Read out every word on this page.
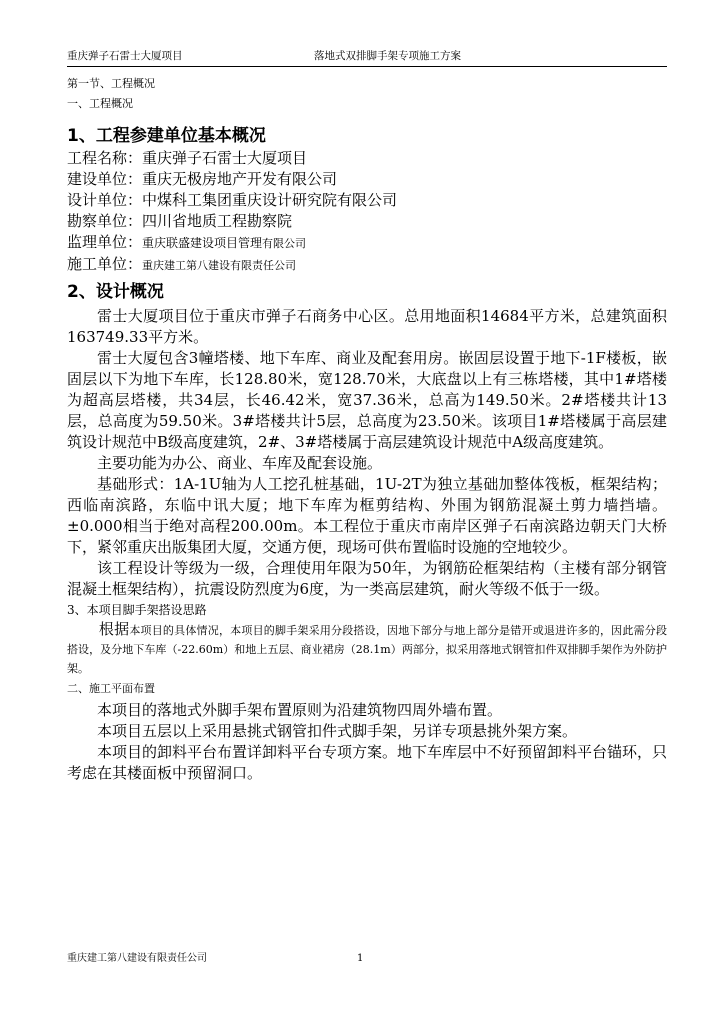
重庆弹子石雷士大厦项目	落地式双排脚手架专项施工方案
第一节、工程概况
一、工程概况
1、工程参建单位基本概况
工程名称：重庆弹子石雷士大厦项目
建设单位：重庆无极房地产开发有限公司
设计单位：中煤科工集团重庆设计研究院有限公司
勘察单位：四川省地质工程勘察院
监理单位：重庆联盛建设项目管理有限公司
施工单位：重庆建工第八建设有限责任公司
2、设计概况

雷士大厦项目位于重庆市弹子石商务中心区。总用地面积14684平方米，总建筑面积163749.33平方米。

雷士大厦包含3幢塔楼、地下车库、商业及配套用房。嵌固层设置于地下-1F楼板，嵌固层以下为地下车库，长128.80米，宽128.70米，大底盘以上有三栋塔楼，其中1#塔楼为超高层塔楼，共34层，长46.42米，宽37.36米，总高为149.50米。2#塔楼共计13层，总高度为59.50米。3#塔楼共计5层，总高度为23.50米。该项目1#塔楼属于高层建筑设计规范中B级高度建筑，2#、3#塔楼属于高层建筑设计规范中A级高度建筑。

主要功能为办公、商业、车库及配套设施。

基础形式：1A-1U轴为人工挖孔桩基础，1U-2T为独立基础加整体筏板，框架结构；西临南滨路，东临中讯大厦；地下车库为框剪结构、外围为钢筋混凝土剪力墙挡墙。±0.000相当于绝对高程200.00m。本工程位于重庆市南岸区弹子石南滨路边朝天门大桥下，紧邻重庆出版集团大厦，交通方便，现场可供布置临时设施的空地较少。

该工程设计等级为一级，合理使用年限为50年，为钢筋砼框架结构（主楼有部分钢管混凝土框架结构），抗震设防烈度为6度，为一类高层建筑，耐火等级不低于一级。

3、本项目脚手架搭设思路

根据本项目的具体情况，本项目的脚手架采用分段搭设，因地下部分与地上部分是错开或退进许多的，因此需分段搭设，及分地下车库（-22.60m）和地上五层、商业裙房（28.1m）两部分，拟采用落地式钢管扣件双排脚手架作为外防护架。

二、施工平面布置

本项目的落地式外脚手架布置原则为沿建筑物四周外墙布置。

本项目五层以上采用悬挑式钢管扣件式脚手架，另详专项悬挑外架方案。

本项目的卸料平台布置详卸料平台专项方案。地下车库层中不好预留卸料平台锚环，只考虑在其楼面板中预留洞口。

重庆建工第八建设有限责任公司	1
